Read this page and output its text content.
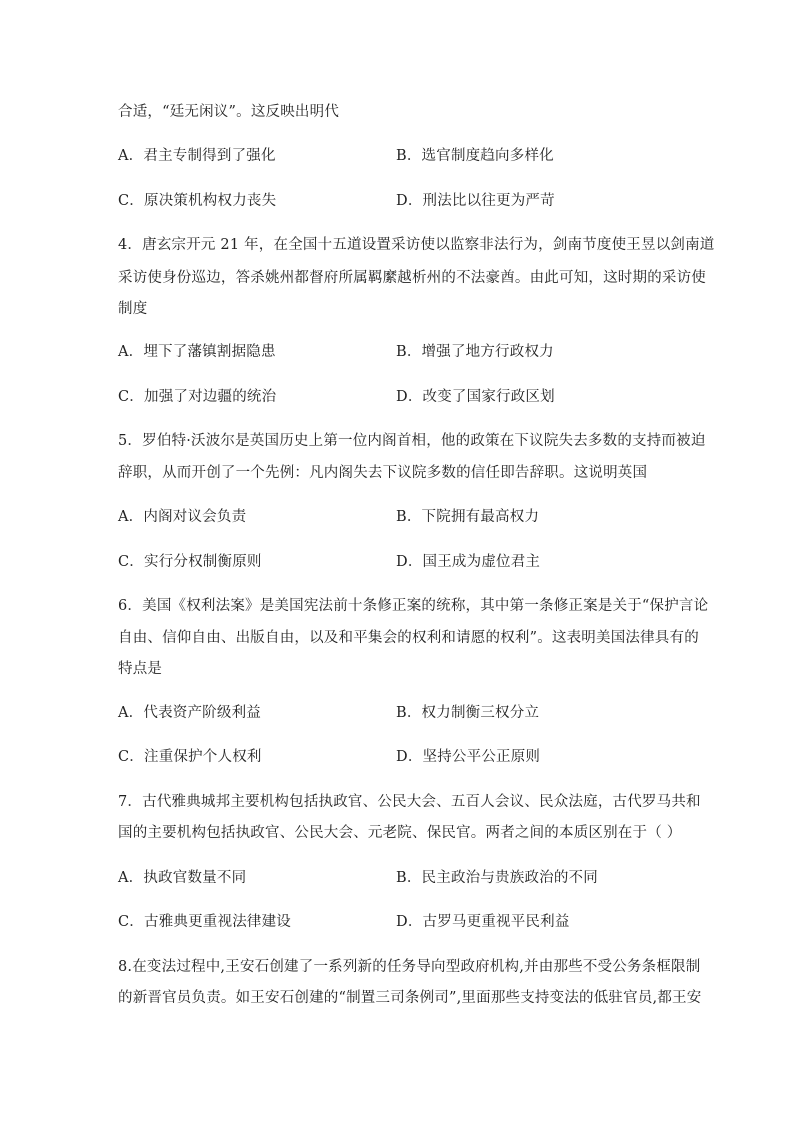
合适，“廷无闲议”。这反映出明代
A．君主专制得到了强化	B．选官制度趋向多样化
C．原决策机构权力丧失	D．刑法比以往更为严苛
4．唐玄宗开元 21 年，在全国十五道设置采访使以监察非法行为，剑南节度使王昱以剑南道
采访使身份巡边，答杀姚州都督府所属羁縻越析州的不法豪酋。由此可知，这时期的采访使
制度
A．埋下了藩镇割据隐患	B．增强了地方行政权力
C．加强了对边疆的统治	D．改变了国家行政区划
5．罗伯特·沃波尔是英国历史上第一位内阁首相，他的政策在下议院失去多数的支持而被迫
辞职，从而开创了一个先例：凡内阁失去下议院多数的信任即告辞职。这说明英国
A．内阁对议会负责	B．下院拥有最高权力
C．实行分权制衡原则	D．国王成为虚位君主
6．美国《权利法案》是美国宪法前十条修正案的统称，其中第一条修正案是关于“保护言论
自由、信仰自由、出版自由，以及和平集会的权利和请愿的权利”。这表明美国法律具有的
特点是
A．代表资产阶级利益	B．权力制衡三权分立
C．注重保护个人权利	D．坚持公平公正原则
7．古代雅典城邦主要机构包括执政官、公民大会、五百人会议、民众法庭，古代罗马共和
国的主要机构包括执政官、公民大会、元老院、保民官。两者之间的本质区别在于（ ）
A．执政官数量不同	B．民主政治与贵族政治的不同
C．古雅典更重视法律建设	D．古罗马更重视平民利益
8.在变法过程中,王安石创建了一系列新的任务导向型政府机构,并由那些不受公务条框限制
的新晋官员负责。如王安石创建的“制置三司条例司”,里面那些支持变法的低驻官员,都王安
